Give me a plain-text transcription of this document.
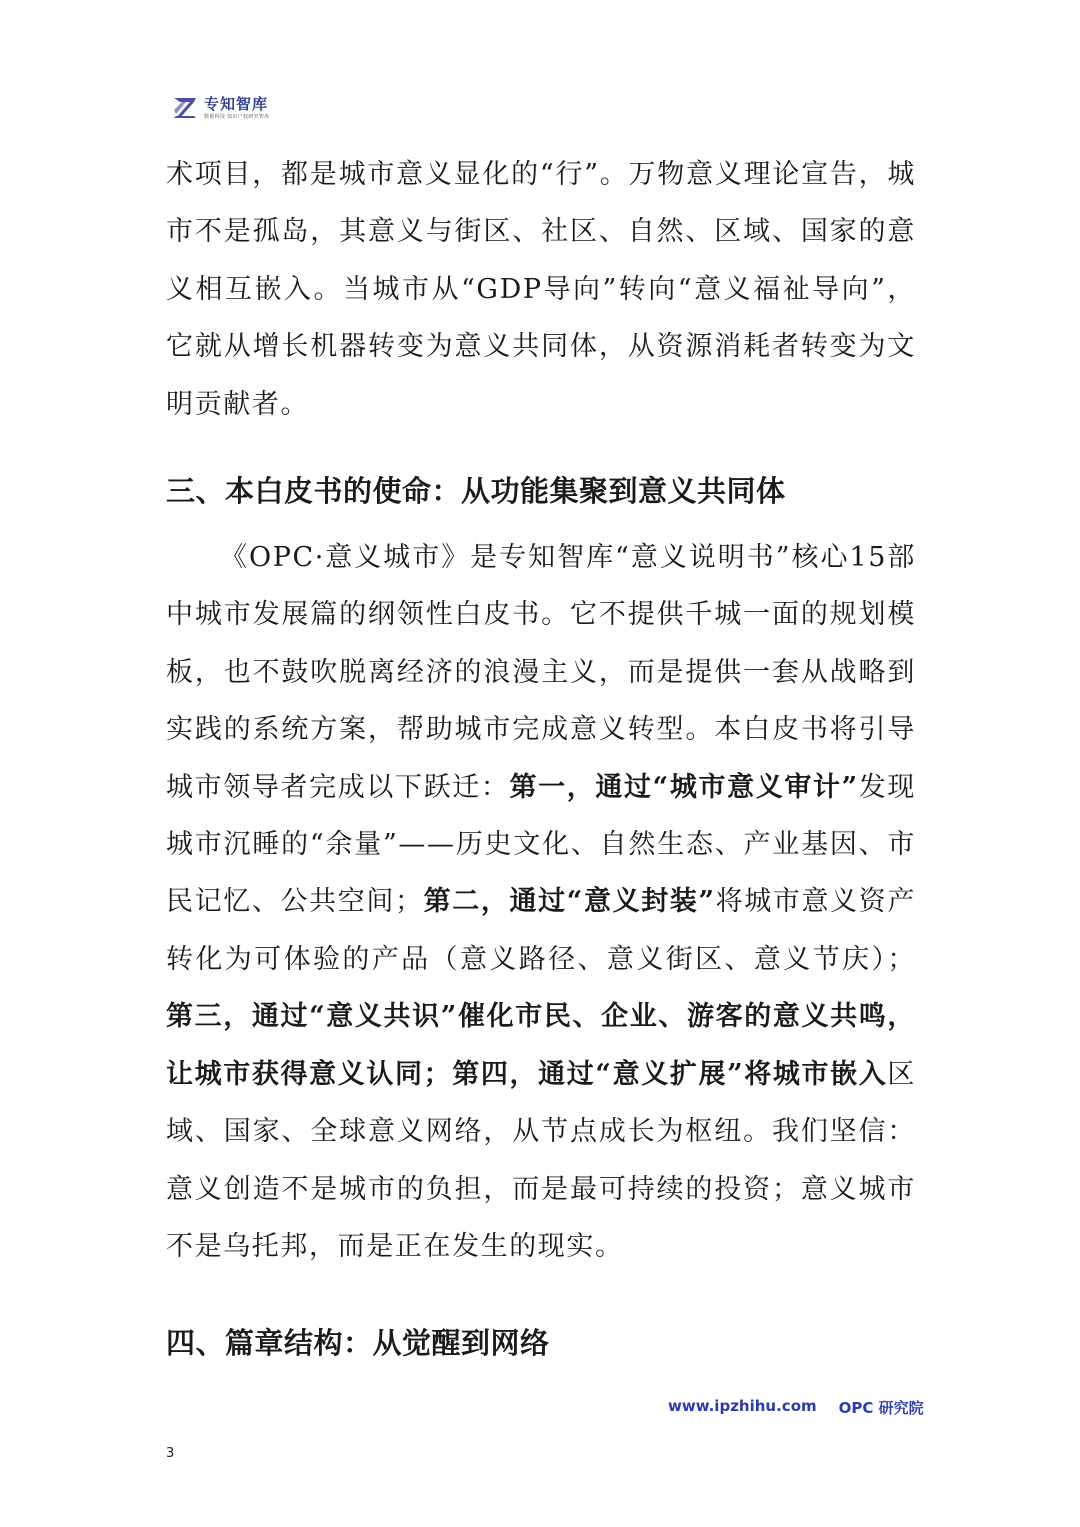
专知智库
数据科技·知识产权研究智库

术项目，都是城市意义显化的“行”。万物意义理论宣告，城市不是孤岛，其意义与街区、社区、自然、区域、国家的意义相互嵌入。当城市从“GDP导向”转向“意义福祉导向”，它就从增长机器转变为意义共同体，从资源消耗者转变为文明贡献者。

三、本白皮书的使命：从功能集聚到意义共同体

《OPC·意义城市》是专知智库“意义说明书”核心15部中城市发展篇的纲领性白皮书。它不提供千城一面的规划模板，也不鼓吹脱离经济的浪漫主义，而是提供一套从战略到实践的系统方案，帮助城市完成意义转型。本白皮书将引导城市领导者完成以下跃迁：第一，通过“城市意义审计”发现城市沉睡的“余量”——历史文化、自然生态、产业基因、市民记忆、公共空间；第二，通过“意义封装”将城市意义资产转化为可体验的产品（意义路径、意义街区、意义节庆）；第三，通过“意义共识”催化市民、企业、游客的意义共鸣，让城市获得意义认同；第四，通过“意义扩展”将城市嵌入区域、国家、全球意义网络，从节点成长为枢纽。我们坚信：意义创造不是城市的负担，而是最可持续的投资；意义城市不是乌托邦，而是正在发生的现实。

四、篇章结构：从觉醒到网络
www.ipzhihu.com OPC 研究院
3
